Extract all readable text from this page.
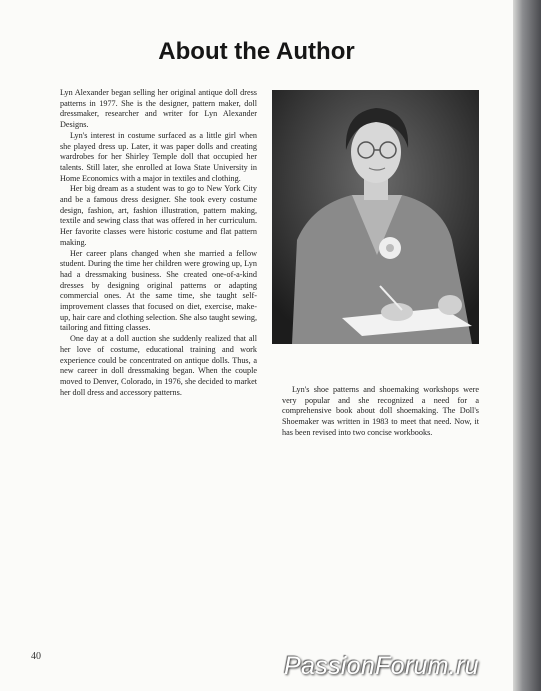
About the Author

Lyn Alexander began selling her original antique doll dress patterns in 1977. She is the designer, pattern maker, doll dressmaker, researcher and writer for Lyn Alexander Designs.

Lyn's interest in costume surfaced as a little girl when she played dress up. Later, it was paper dolls and creating wardrobes for her Shirley Temple doll that occupied her talents. Still later, she enrolled at Iowa State University in Home Economics with a major in textiles and clothing.

Her big dream as a student was to go to New York City and be a famous dress designer. She took every costume design, fashion, art, fashion illustration, pattern making, textile and sewing class that was offered in her curriculum. Her favorite classes were historic costume and flat pattern making.

Her career plans changed when she married a fellow student. During the time her children were growing up, Lyn had a dressmaking business. She created one-of-a-kind dresses by designing original patterns or adapting commercial ones. At the same time, she taught self-improvement classes that focused on diet, exercise, make-up, hair care and clothing selection. She also taught sewing, tailoring and fitting classes.

One day at a doll auction she suddenly realized that all her love of costume, educational training and work experience could be concentrated on antique dolls. Thus, a new career in doll dressmaking began. When the couple moved to Denver, Colorado, in 1976, she decided to market her doll dress and accessory patterns.	Lyn's shoe patterns and shoemaking workshops were very popular and she recognized a need for a comprehensive book about doll shoemaking. The Doll's Shoemaker was written in 1983 to meet that need. Now, it has been revised into two concise workbooks.

40	PassionForum.ru
